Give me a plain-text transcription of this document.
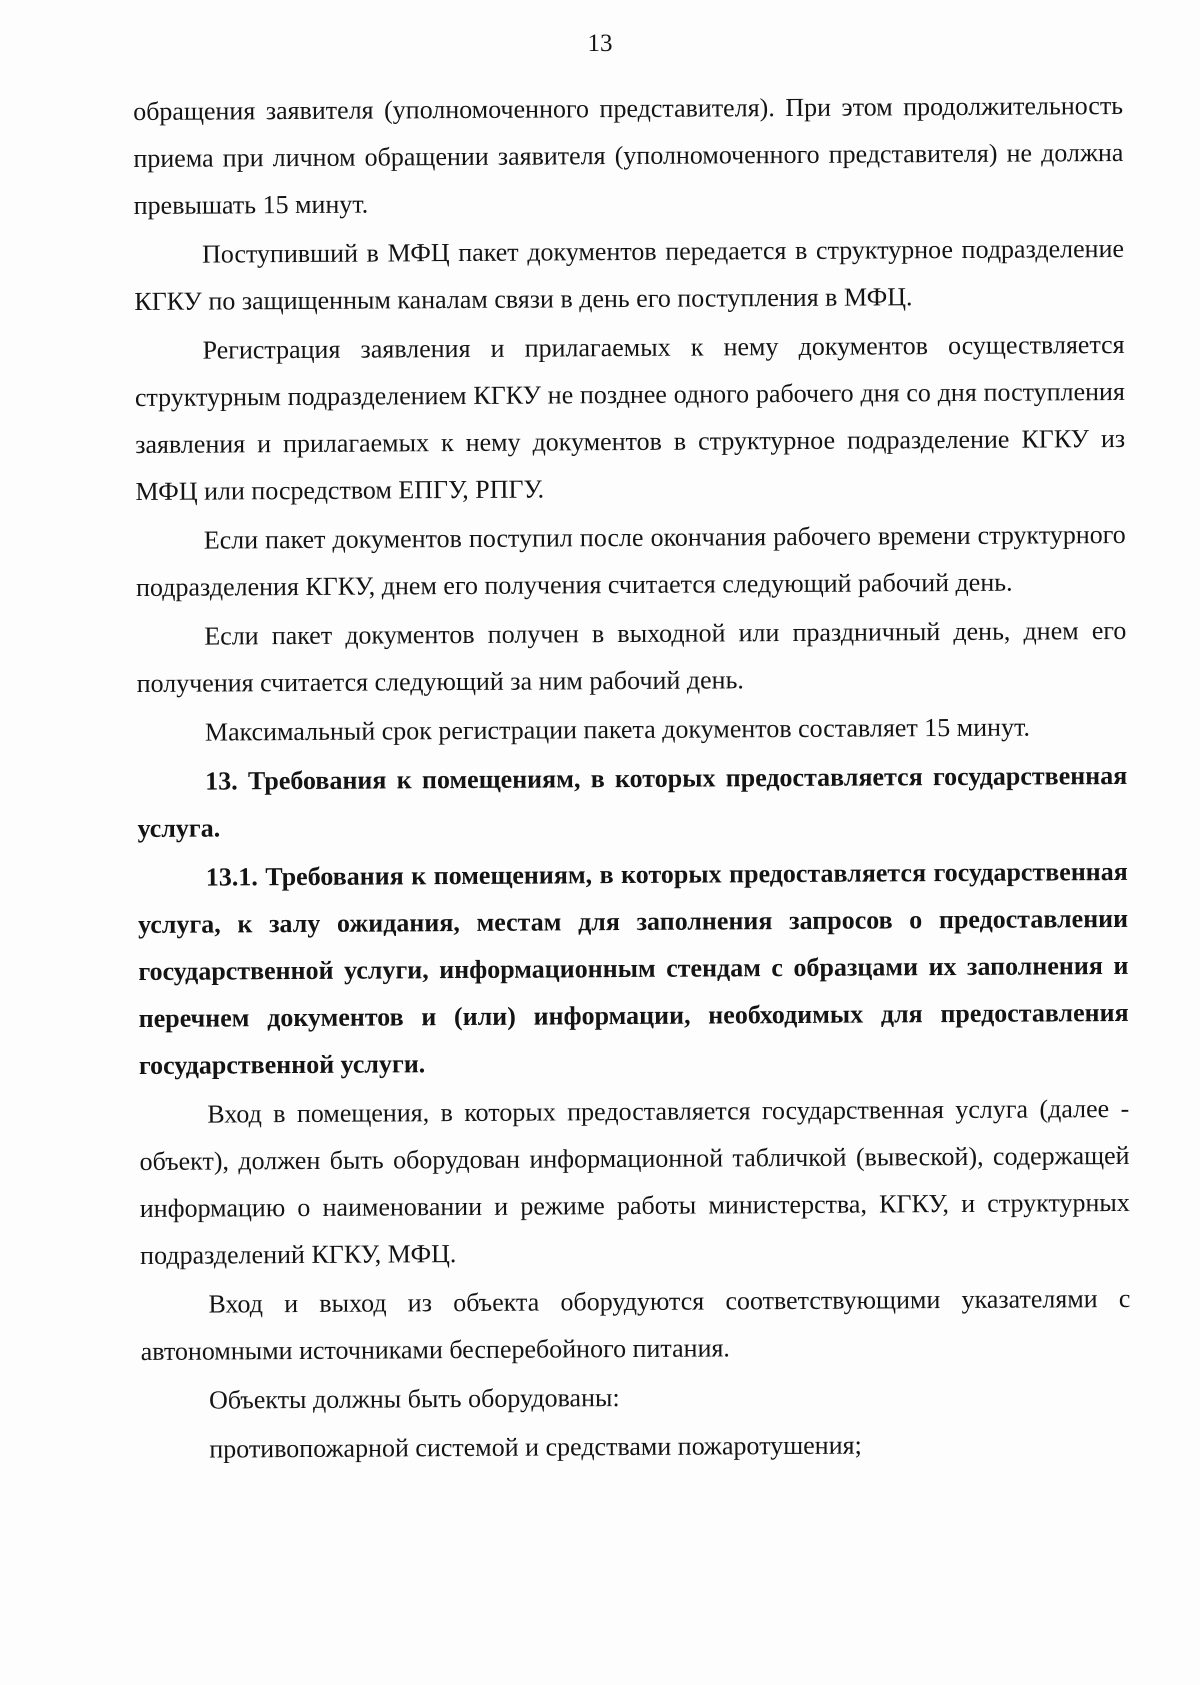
13

обращения заявителя (уполномоченного представителя). При этом продолжительность приема при личном обращении заявителя (уполномоченного представителя) не должна превышать 15 минут.

Поступивший в МФЦ пакет документов передается в структурное подразделение КГКУ по защищенным каналам связи в день его поступления в МФЦ.

Регистрация заявления и прилагаемых к нему документов осуществляется структурным подразделением КГКУ не позднее одного рабочего дня со дня поступления заявления и прилагаемых к нему документов в структурное подразделение КГКУ из МФЦ или посредством ЕПГУ, РПГУ.

Если пакет документов поступил после окончания рабочего времени структурного подразделения КГКУ, днем его получения считается следующий рабочий день.

Если пакет документов получен в выходной или праздничный день, днем его получения считается следующий за ним рабочий день.

Максимальный срок регистрации пакета документов составляет 15 минут.

13. Требования к помещениям, в которых предоставляется государственная услуга.

13.1. Требования к помещениям, в которых предоставляется государственная услуга, к залу ожидания, местам для заполнения запросов о предоставлении государственной услуги, информационным стендам с образцами их заполнения и перечнем документов и (или) информации, необходимых для предоставления государственной услуги.

Вход в помещения, в которых предоставляется государственная услуга (далее - объект), должен быть оборудован информационной табличкой (вывеской), содержащей информацию о наименовании и режиме работы министерства, КГКУ, и структурных подразделений КГКУ, МФЦ.

Вход и выход из объекта оборудуются соответствующими указателями с автономными источниками бесперебойного питания.

Объекты должны быть оборудованы:

противопожарной системой и средствами пожаротушения;
